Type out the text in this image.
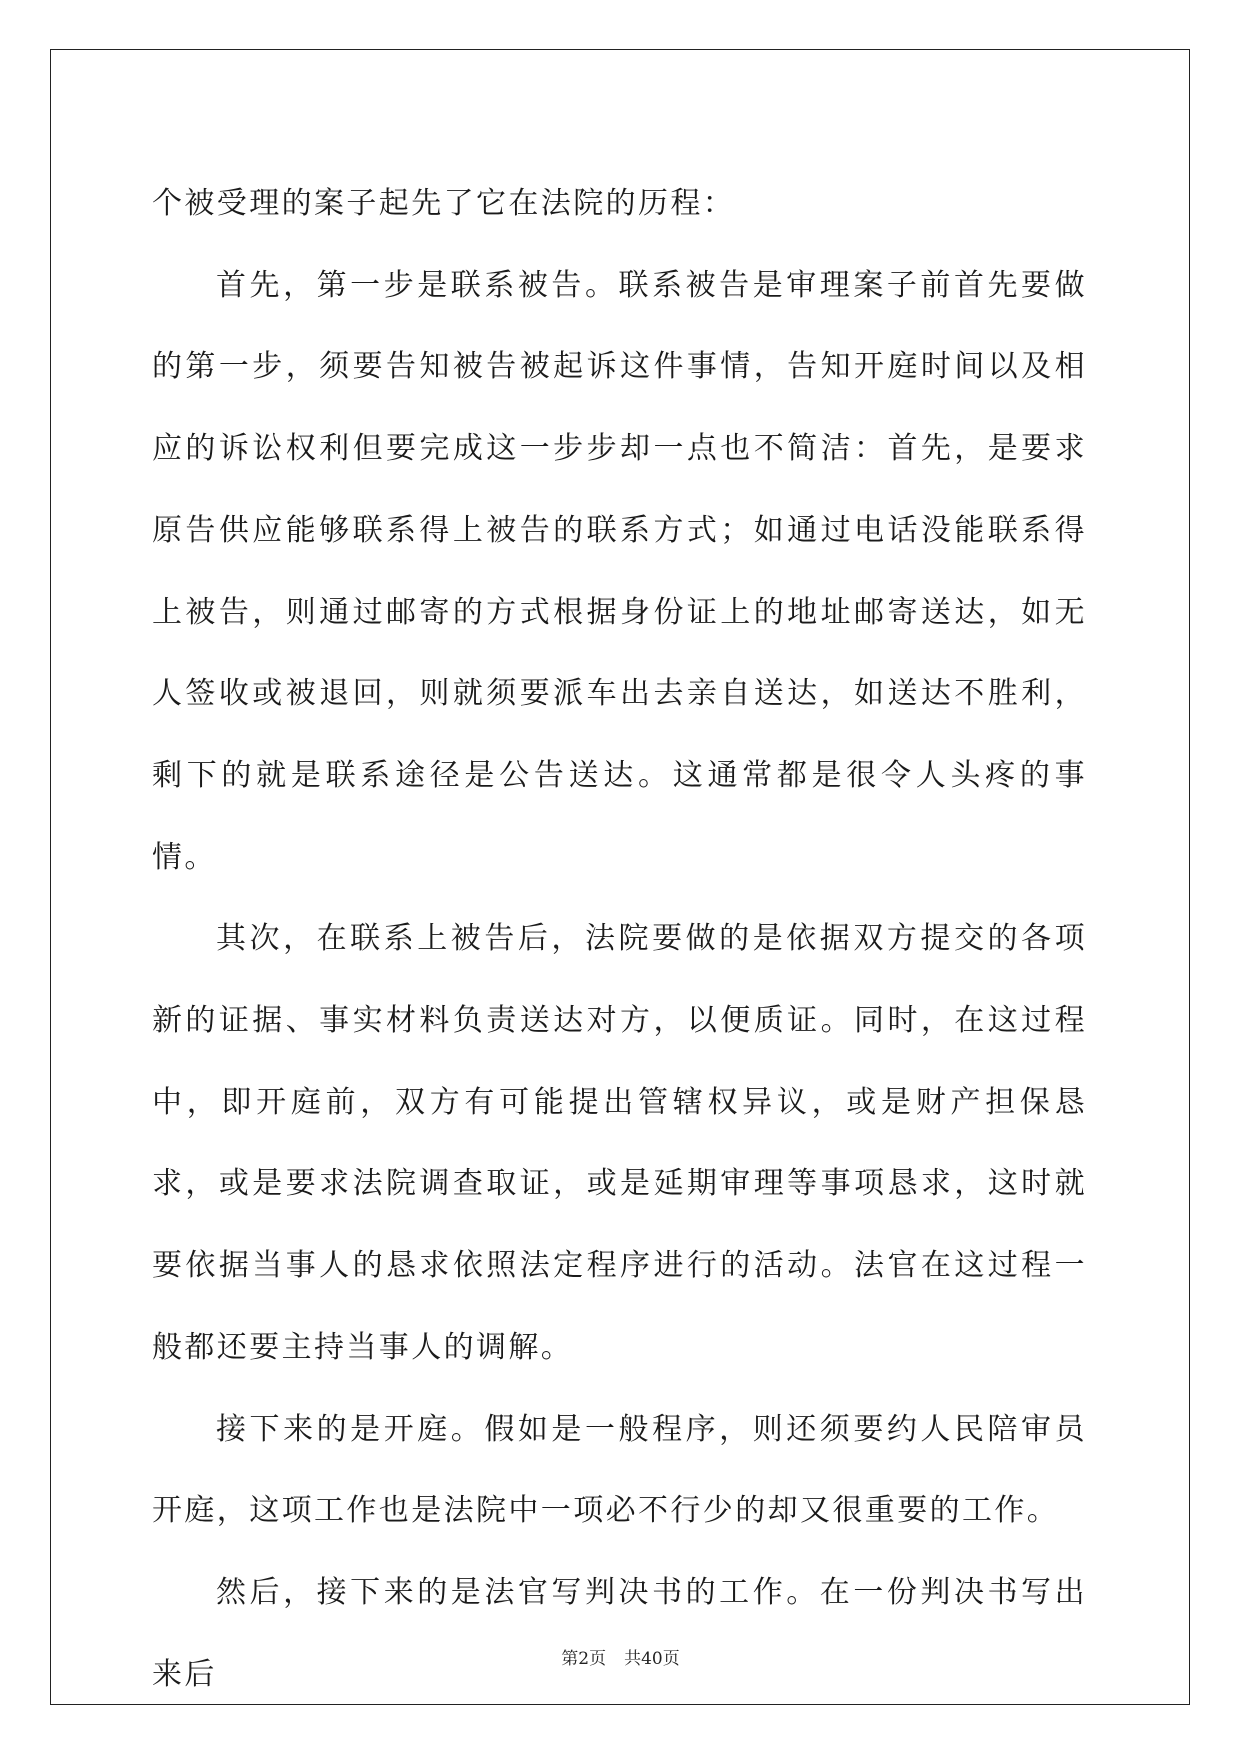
个被受理的案子起先了它在法院的历程：

首先，第一步是联系被告。联系被告是审理案子前首先要做的第一步，须要告知被告被起诉这件事情，告知开庭时间以及相应的诉讼权利但要完成这一步步却一点也不简洁：首先，是要求原告供应能够联系得上被告的联系方式；如通过电话没能联系得上被告，则通过邮寄的方式根据身份证上的地址邮寄送达，如无人签收或被退回，则就须要派车出去亲自送达，如送达不胜利，剩下的就是联系途径是公告送达。这通常都是很令人头疼的事情。

其次，在联系上被告后，法院要做的是依据双方提交的各项新的证据、事实材料负责送达对方，以便质证。同时，在这过程中，即开庭前，双方有可能提出管辖权异议，或是财产担保恳求，或是要求法院调查取证，或是延期审理等事项恳求，这时就要依据当事人的恳求依照法定程序进行的活动。法官在这过程一般都还要主持当事人的调解。

接下来的是开庭。假如是一般程序，则还须要约人民陪审员开庭，这项工作也是法院中一项必不行少的却又很重要的工作。

然后，接下来的是法官写判决书的工作。在一份判决书写出来后	第2页 共40页
